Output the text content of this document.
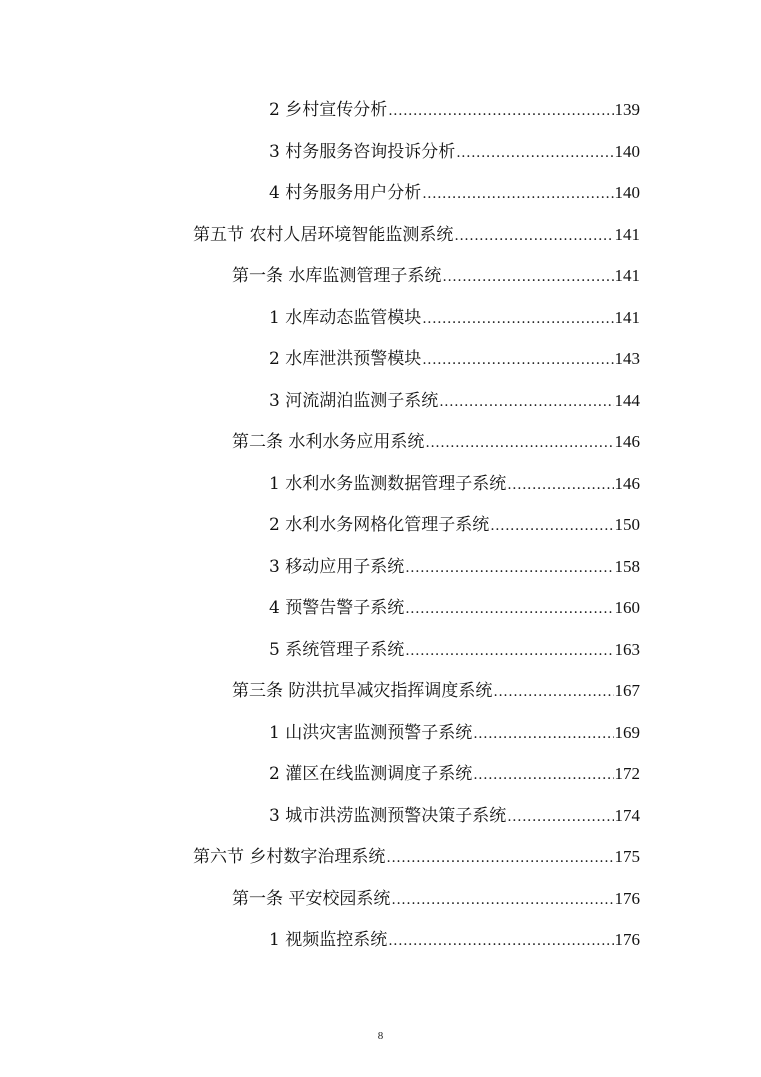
2 乡村宣传分析 .....	139
3 村务服务咨询投诉分析 .....	140
4 村务服务用户分析 .....	140
第五节 农村人居环境智能监测系统 .....	141
第一条 水库监测管理子系统 .....	141
1 水库动态监管模块 .....	141
2 水库泄洪预警模块 .....	143
3 河流湖泊监测子系统 .....	144
第二条 水利水务应用系统 .....	146
1 水利水务监测数据管理子系统 .....	146
2 水利水务网格化管理子系统 .....	150
3 移动应用子系统 .....	158
4 预警告警子系统 .....	160
5 系统管理子系统 .....	163
第三条 防洪抗旱减灾指挥调度系统 .....	167
1 山洪灾害监测预警子系统 .....	169
2 灌区在线监测调度子系统 .....	172
3 城市洪涝监测预警决策子系统 .....	174
第六节 乡村数字治理系统 .....	175
第一条 平安校园系统 .....	176
1 视频监控系统 .....	176
8
